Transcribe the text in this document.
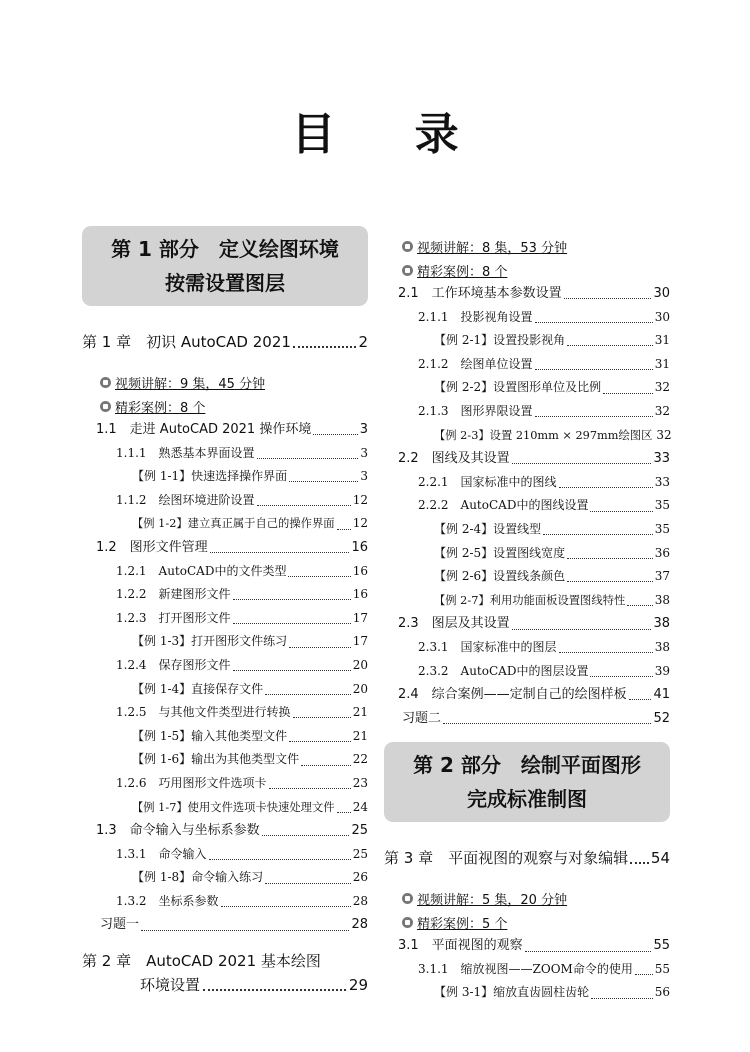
目 录
第 1 部分　定义绘图环境
按需设置图层
第 1 章　初识 AutoCAD 2021	2
视频讲解：9 集，45 分钟
精彩案例：8 个
1.1　走进 AutoCAD 2021 操作环境	3
1.1.1　熟悉基本界面设置	3
【例 1-1】快速选择操作界面	3
1.1.2　绘图环境进阶设置	12
【例 1-2】建立真正属于自己的操作界面 12
1.2　图形文件管理	16
1.2.1　AutoCAD中的文件类型	16
1.2.2　新建图形文件	16
1.2.3　打开图形文件	17
【例 1-3】打开图形文件练习	17
1.2.4　保存图形文件	20
【例 1-4】直接保存文件	20
1.2.5　与其他文件类型进行转换	21
【例 1-5】输入其他类型文件	21
【例 1-6】输出为其他类型文件	22
1.2.6　巧用图形文件选项卡	23
【例 1-7】使用文件选项卡快速处理文件 24
1.3　命令输入与坐标系参数	25
1.3.1　命令输入	25
【例 1-8】命令输入练习	26
1.3.2　坐标系参数	28
习题一	28
第 2 章　AutoCAD 2021 基本绘图
环境设置	29
视频讲解：8 集，53 分钟
精彩案例：8 个
2.1　工作环境基本参数设置	30
2.1.1　投影视角设置	30
【例 2-1】设置投影视角	31
2.1.2　绘图单位设置	31
【例 2-2】设置图形单位及比例	32
2.1.3　图形界限设置	32
【例 2-3】设置 210mm × 297mm绘图区 32
2.2　图线及其设置	33
2.2.1　国家标准中的图线	33
2.2.2　AutoCAD中的图线设置	35
【例 2-4】设置线型	35
【例 2-5】设置图线宽度	36
【例 2-6】设置线条颜色	37
【例 2-7】利用功能面板设置图线特性 38
2.3　图层及其设置	38
2.3.1　国家标准中的图层	38
2.3.2　AutoCAD中的图层设置	39
2.4　综合案例——定制自己的绘图样板 41
习题二	52
第 2 部分　绘制平面图形
完成标准制图
第 3 章　平面视图的观察与对象编辑 54
视频讲解：5 集，20 分钟
精彩案例：5 个
3.1　平面视图的观察	55
3.1.1　缩放视图——ZOOM命令的使用 55
【例 3-1】缩放直齿圆柱齿轮	56
